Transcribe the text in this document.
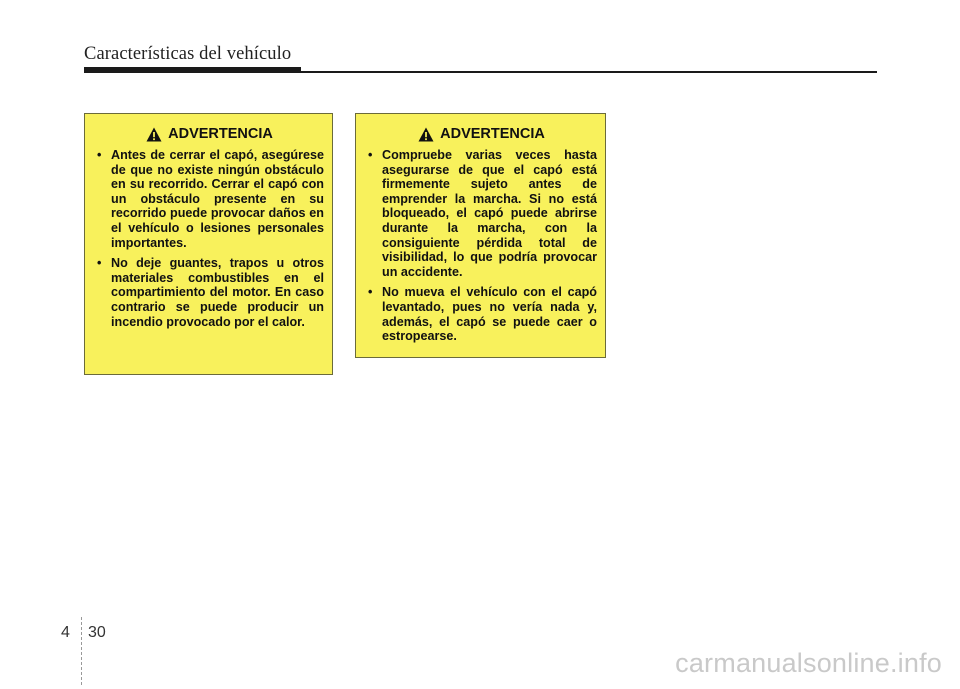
Características del vehículo
ADVERTENCIA
• Antes de cerrar el capó, asegúrese de que no existe ningún obstáculo en su recorrido. Cerrar el capó con un obstáculo presente en su recorrido puede provocar daños en el vehículo o lesiones personales importantes.
• No deje guantes, trapos u otros materiales combustibles en el compartimiento del motor. En caso contrario se puede producir un incendio provocado por el calor.
ADVERTENCIA
• Compruebe varias veces hasta asegurarse de que el capó está firmemente sujeto antes de emprender la marcha. Si no está bloqueado, el capó puede abrirse durante la marcha, con la consiguiente pérdida total de visibilidad, lo que podría provocar un accidente.
• No mueva el vehículo con el capó levantado, pues no vería nada y, además, el capó se puede caer o estropearse.
4 30
carmanualsonline.info
